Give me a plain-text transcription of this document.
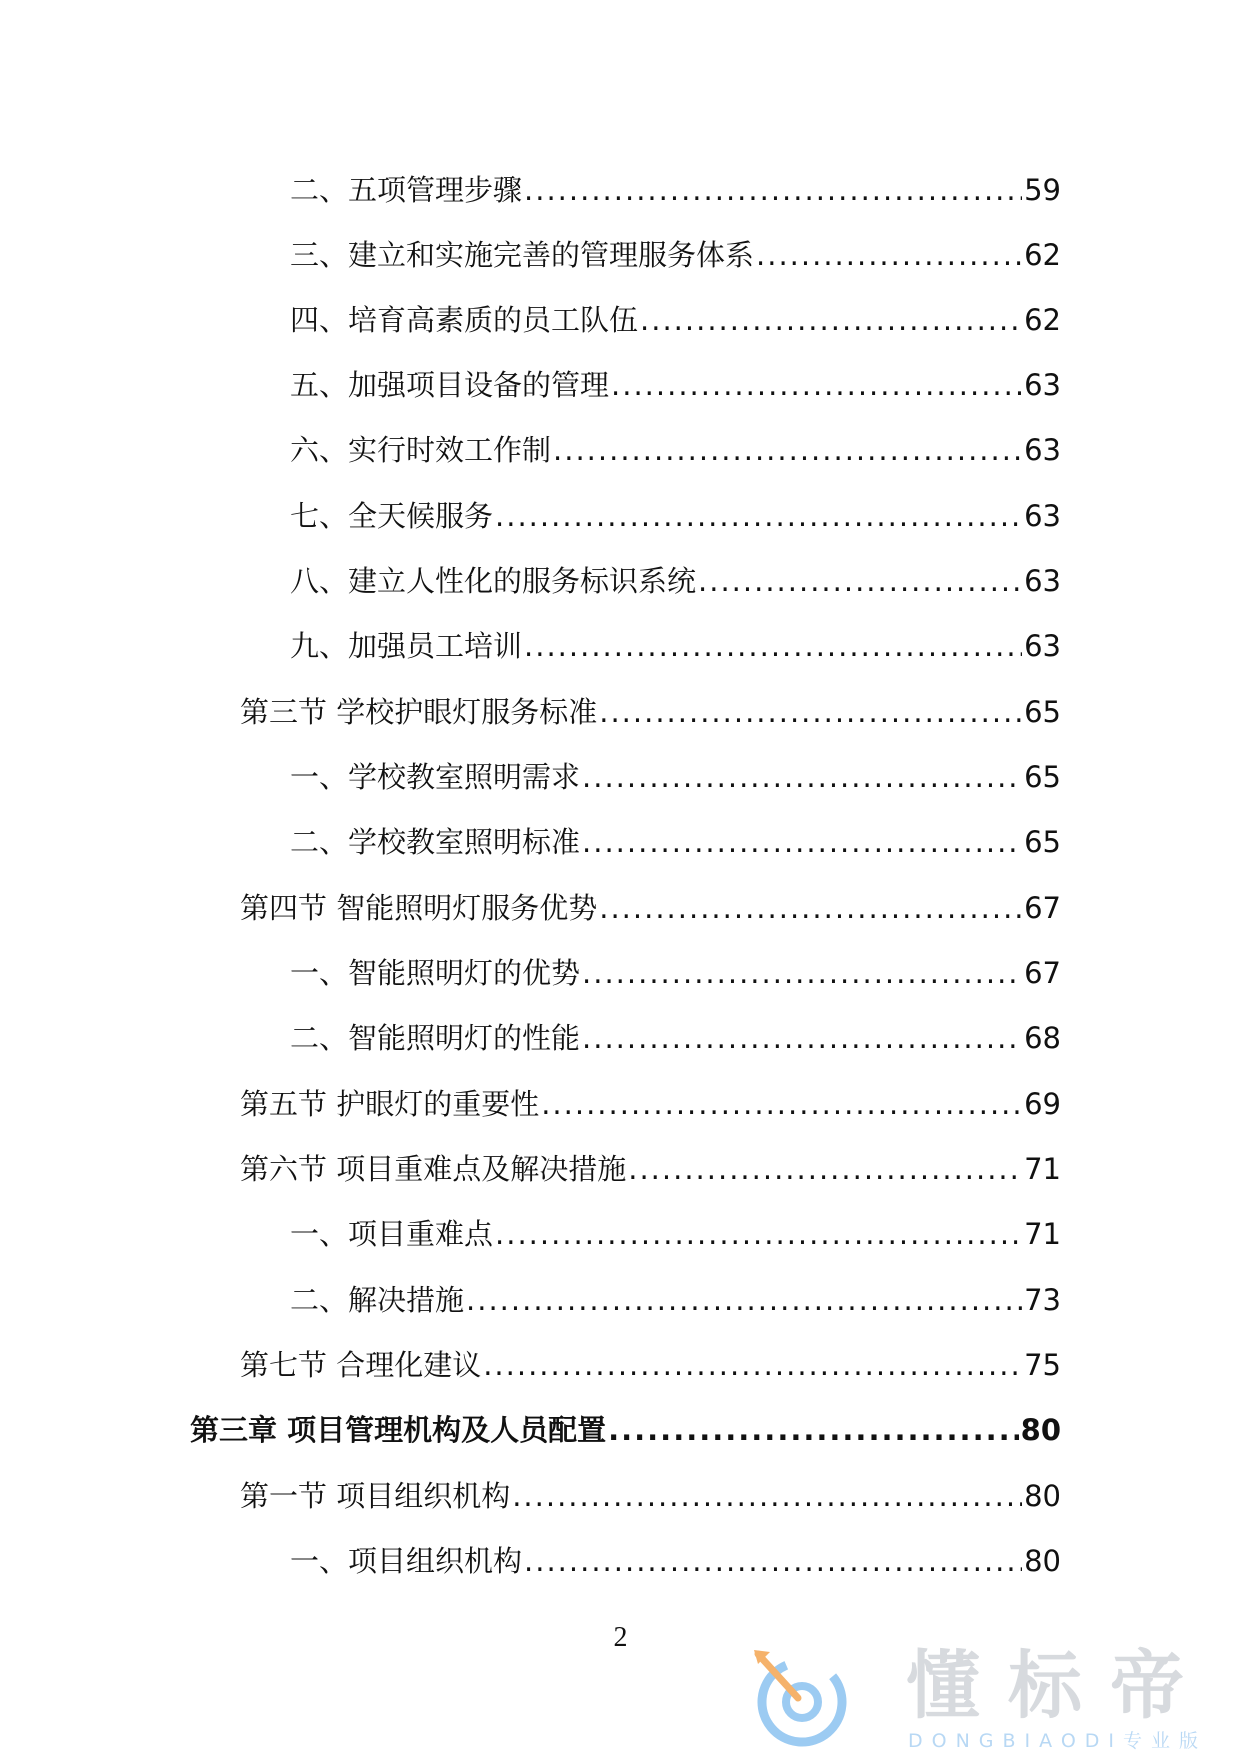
二、五项管理步骤 .....	59
三、建立和实施完善的管理服务体系 .....	62
四、培育高素质的员工队伍 .....	62
五、加强项目设备的管理 .....	63
六、实行时效工作制 .....	63
七、全天候服务 .....	63
八、建立人性化的服务标识系统 .....	63
九、加强员工培训 .....	63
第三节 学校护眼灯服务标准 .....	65
一、学校教室照明需求 .....	65
二、学校教室照明标准 .....	65
第四节 智能照明灯服务优势 .....	67
一、智能照明灯的优势 .....	67
二、智能照明灯的性能 .....	68
第五节 护眼灯的重要性 .....	69
第六节 项目重难点及解决措施 .....	71
一、项目重难点 .....	71
二、解决措施 .....	73
第七节 合理化建议 .....	75
第三章 项目管理机构及人员配置 .....	80
第一节 项目组织机构 .....	80
一、项目组织机构 .....	80
2
懂标帝
DONGBIAODI专业版
